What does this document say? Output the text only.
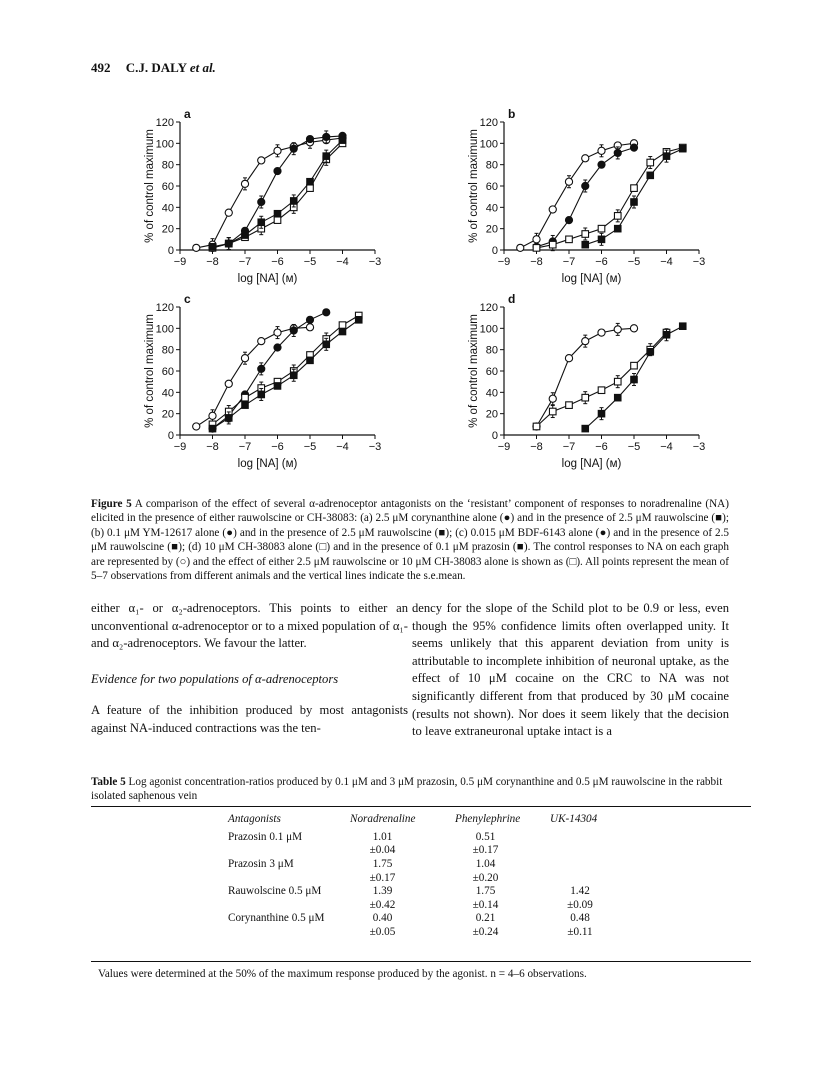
492 C.J. DALY et al.
−9 −8 −7 −6 −5 −4 −3
0
20
40
60
80
100
120
log [NA] (м)
% of control maximum
a
−9 −8 −7 −6 −5 −4 −3
0
20
40
60
80
100
120
log [NA] (м)
% of control maximum
b
−9 −8 −7 −6 −5 −4 −3
0
20
40
60
80
100
120
log [NA] (м)
% of control maximum
c
−9 −8 −7 −6 −5 −4 −3
0
20
40
60
80
100
120
log [NA] (м)
% of control maximum
d
Figure 5 A comparison of the effect of several α-adrenoceptor antagonists on the ‘resistant’ component of responses to noradrenaline (NA) elicited in the presence of either rauwolscine or CH-38083: (a) 2.5 μM corynanthine alone (●) and in the presence of 2.5 μM rauwolscine (■); (b) 0.1 μM YM-12617 alone (●) and in the presence of 2.5 μM rauwolscine (■); (c) 0.015 μM BDF-6143 alone (●) and in the presence of 2.5 μM rauwolscine (■); (d) 10 μM CH-38083 alone (□) and in the presence of 0.1 μM prazosin (■). The control responses to NA on each graph are represented by (○) and the effect of either 2.5 μM rauwolscine or 10 μM CH-38083 alone is shown as (□). All points represent the mean of 5–7 observations from different animals and the vertical lines indicate the s.e.mean.

either α₁- or α₂-adrenoceptors. This points to either an unconventional α-adrenoceptor or to a mixed population of α₁- and α₂-adrenoceptors. We favour the latter.

Evidence for two populations of α-adrenoceptors

A feature of the inhibition produced by most antagonists against NA-induced contractions was the ten-

dency for the slope of the Schild plot to be 0.9 or less, even though the 95% confidence limits often overlapped unity. It seems unlikely that this apparent deviation from unity is attributable to incomplete inhibition of neuronal uptake, as the effect of 10 μM cocaine on the CRC to NA was not significantly different from that produced by 30 μM cocaine (results not shown). Nor does it seem likely that the decision to leave extraneuronal uptake intact is a

Table 5 Log agonist concentration-ratios produced by 0.1 μM and 3 μM prazosin, 0.5 μM corynanthine and 0.5 μM rauwolscine in the rabbit isolated saphenous vein
Antagonists	Noradrenaline	Phenylephrine	UK-14304
Prazosin 0.1 μM	1.01	0.51	
	±0.04	±0.17	
Prazosin 3 μM	1.75	1.04	
	±0.17	±0.20	
Rauwolscine 0.5 μM	1.39	1.75	1.42
	±0.42	±0.14	±0.09
Corynanthine 0.5 μM	0.40	0.21	0.48
	±0.05	±0.24	±0.11
Values were determined at the 50% of the maximum response produced by the agonist. n = 4–6 observations.
